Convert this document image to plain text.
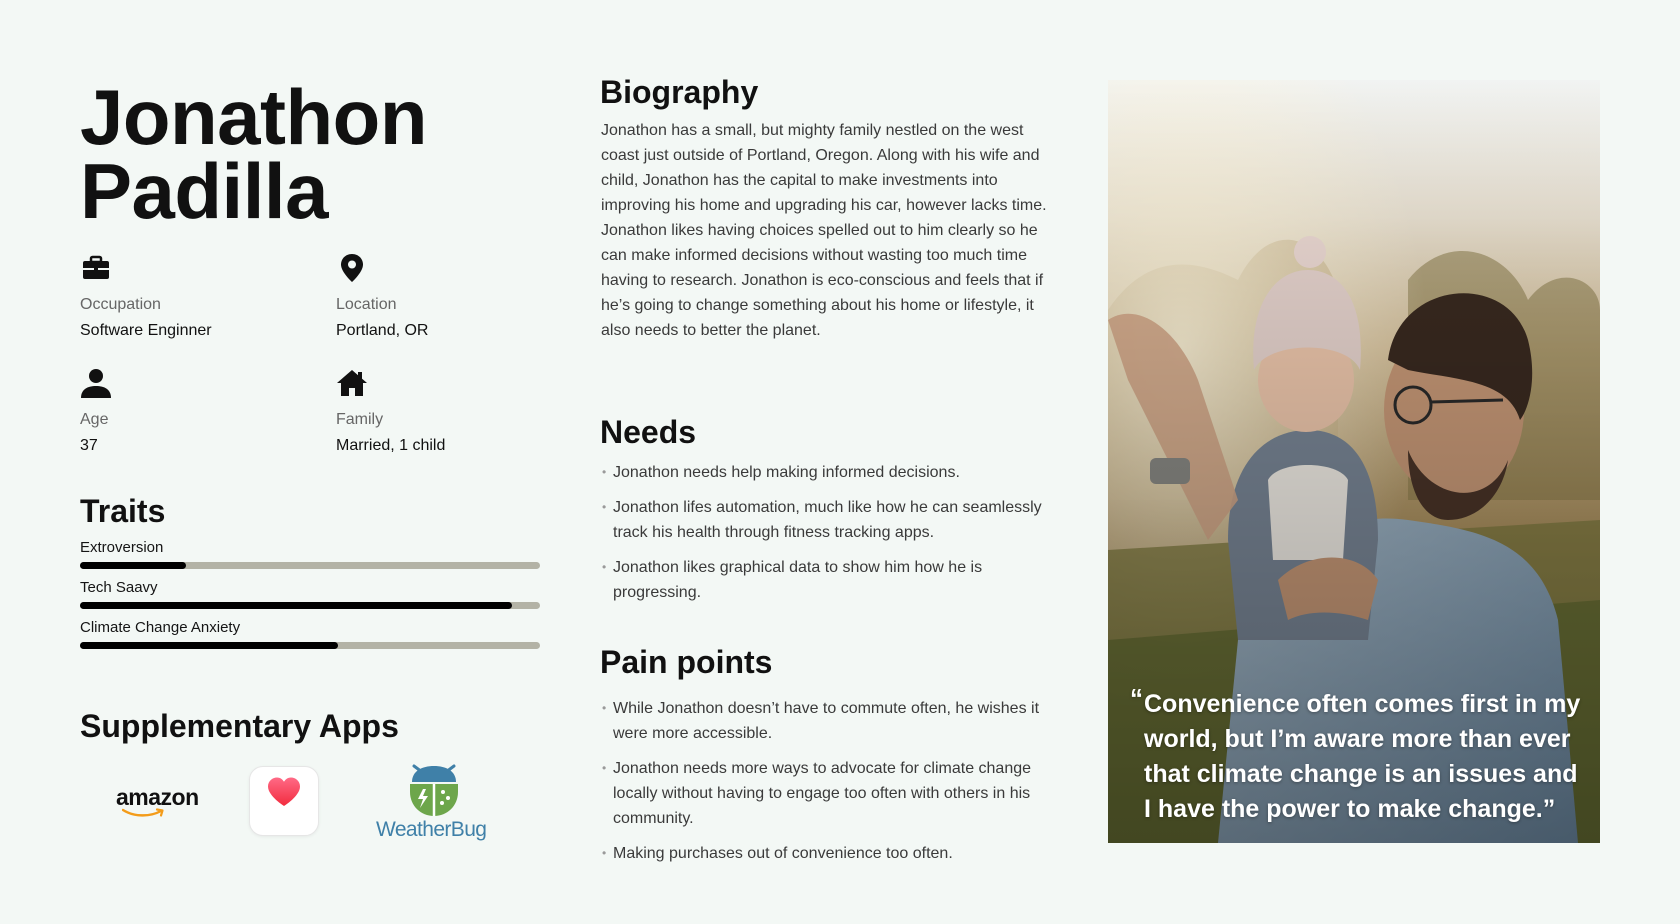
Jonathon
Padilla
Occupation
Software Enginner
Location
Portland, OR
Age
37
Family
Married, 1 child
Traits
Extroversion
Tech Saavy
Climate Change Anxiety
Supplementary Apps
amazon
WeatherBug
Biography

Jonathon has a small, but mighty family nestled on the west coast just outside of Portland, Oregon. Along with his wife and child, Jonathon has the capital to make investments into improving his home and upgrading his car, however lacks time. Jonathon likes having choices spelled out to him clearly so he can make informed decisions without wasting too much time having to research. Jonathon is eco-conscious and feels that if he’s going to change something about his home or lifestyle, it also needs to better the planet.

Needs
• Jonathon needs help making informed decisions.
• Jonathon lifes automation, much like how he can seamlessly track his health through fitness tracking apps.
• Jonathon likes graphical data to show him how he is progressing.
Pain points
• While Jonathon doesn’t have to commute often, he wishes it were more accessible.
• Jonathon needs more ways to advocate for climate change locally without having to engage too often with others in his community.
• Making purchases out of convenience too often.
“ Convenience often comes first in my world, but I’m aware more than ever that climate change is an issues and I have the power to make change.”
